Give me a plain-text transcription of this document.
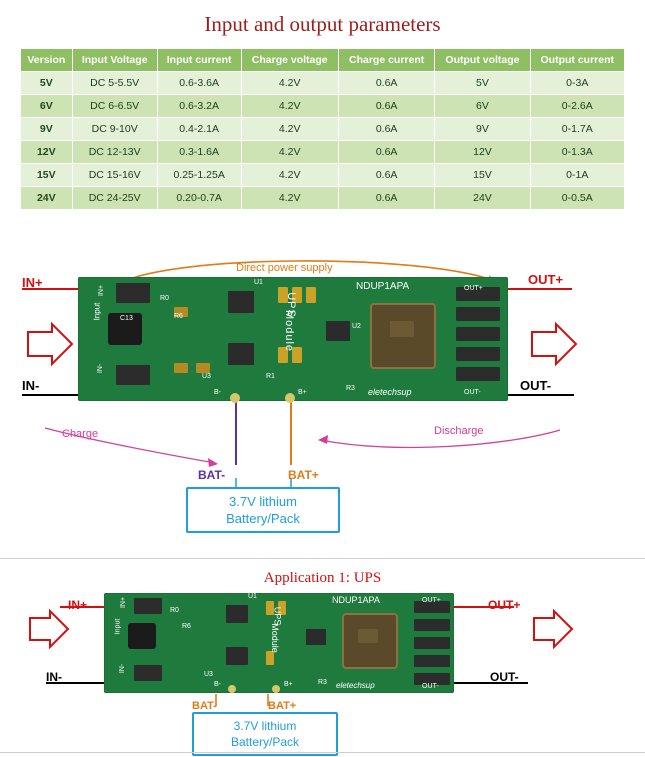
Input and output parameters
Version	Input Voltage	Input current	Charge voltage	Charge current	Output voltage	Output current
5V	DC 5-5.5V	0.6-3.6A	4.2V	0.6A	5V	0-3A
6V	DC 6-6.5V	0.6-3.2A	4.2V	0.6A	6V	0-2.6A
9V	DC 9-10V	0.4-2.1A	4.2V	0.6A	9V	0-1.7A
12V	DC 12-13V	0.3-1.6A	4.2V	0.6A	12V	0-1.3A
15V	DC 15-16V	0.25-1.25A	4.2V	0.6A	15V	0-1A
24V	DC 24-25V	0.20-0.7A	4.2V	0.6A	24V	0-0.5A
Direct power supply
IN+	OUT+
IN-	OUT-
IN+
IN-
Input
OUT+
OUT-
B-	B+
UPS
Module
NDUP1APA
eletechsup
R0
R6
U1
U3	R1
R3
U2
C13
Charge	Discharge
BAT-	BAT+
3.7V lithium
Battery/Pack
Application 1: UPS
IN+	OUT+
IN-	OUT-
IN+
IN-
Input
OUT+
OUT-
B-	B+
UPS
Module
NDUP1APA
eletechsup
R0
R6
U1
U3
R3
BAT-	BAT+
3.7V lithium
Battery/Pack
